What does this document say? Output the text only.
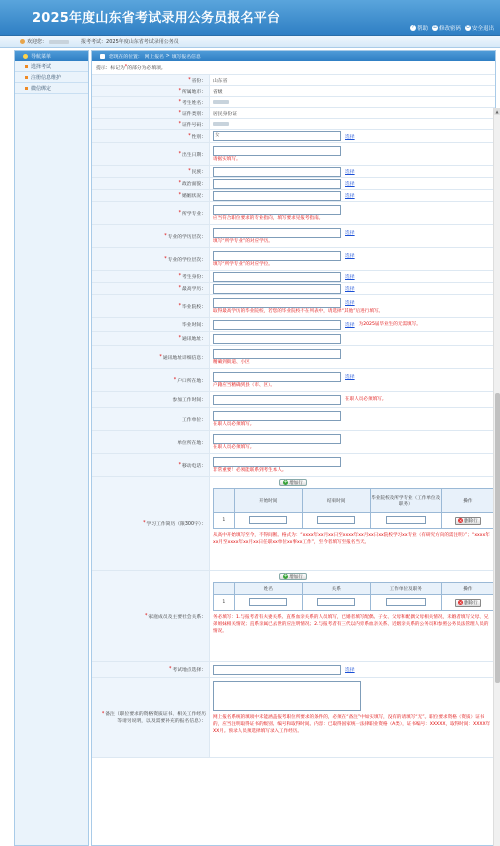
2025年度山东省考试录用公务员报名平台
? 帮助 ⚿ 修改密码 ⏻ 安全退出
欢迎您：	报考考试：2025年度山东省考试录用公务员
导航菜单
选择考试
注册信息维护
微信绑定
您现在的位置： 网上报名 > 填写报名信息
提示：标记为 * 的部分为必填项。
* 省份： 山东省
* 所属地市： 省级
* 考生姓名：
* 证件类别： 居民身份证
* 证件号码：
* 性别：	女	选择
* 出生日期：
请据实填写。
* 民族：	选择
* 政治面貌：	选择
* 婚姻状况：	选择
* 所学专业：
应当符合职位要求的专业指向，填写要求见报考指南。
* 专业的学历层次：
选择
填写“所学专业”的对应学历。
* 专业的学位层次：
选择
填写“所学专业”的对应学位。
* 考生身份：	选择
* 最高学历：	选择
* 毕业院校：
选择
取得最高学历的毕业院校，若您的毕业院校不在列表中，请选择“其他”后进行填写。
毕业时间：	选择 为2025届毕业生的无需填写。
* 通讯地址：
* 通讯地址详细信息：
精确到街道、小区
* 户口所在地：
选择
户籍应当精确到县（市、区）。
参加工作时间：	在职人员必须填写。
工作单位：
在职人员必须填写。
单位所在地：
在职人员必须填写。
* 移动电话：
非常重要！必须能联系到考生本人。
* 学习工作简历（限300字）：
+ 增加行
	开始时间	结束时间	毕业院校及所学专业（工作单位及职务）	操作
1				× 删除行
从高中开始填写至今，不得间断。格式为：“xxxx年xx月xx日至xxxx年xx月xx日xx院校学习xx专业（有研究方向的需注明）”；“xxxx年xx月至xxxx年xx月xx日任职xx单位xx事xx工作”，至今者填写至报名当天。
* 家庭成员及主要社会关系：
+ 增加行
	姓名	关系	工作单位及职务	操作
1				× 删除行
务必填写：1.与报考者有夫妻关系、直系血亲关系的人员填写，已婚者填写配偶、子女、父母和配偶父母相关情况，未婚者填写父母、兄弟姐妹相关情况；直系亲属已去世的应注明情况；2.与报考者有三代以内旁系血亲关系、近姻亲关系的公务员和参照公务员法管理人员的情况。
* 考试地点选择：	选择
*备注（职位要求的资格资质证书、相关工作经历等请另说明，以及需要补充的报名信息）：
网上报名系统的填项中未能涵盖报考职位所要求的条件的，必须在“备注”中如实填写，没有的请填写“无”。职位要求资格（资质）证书的，应当注明取得证书的级别、编号和取得时间。内容：已取得国家统一法律职业资格（A类），证书编号：XXXXX，取得时间：XXXX年XX月。预录人员须选择填写录入工作经历。
▲
